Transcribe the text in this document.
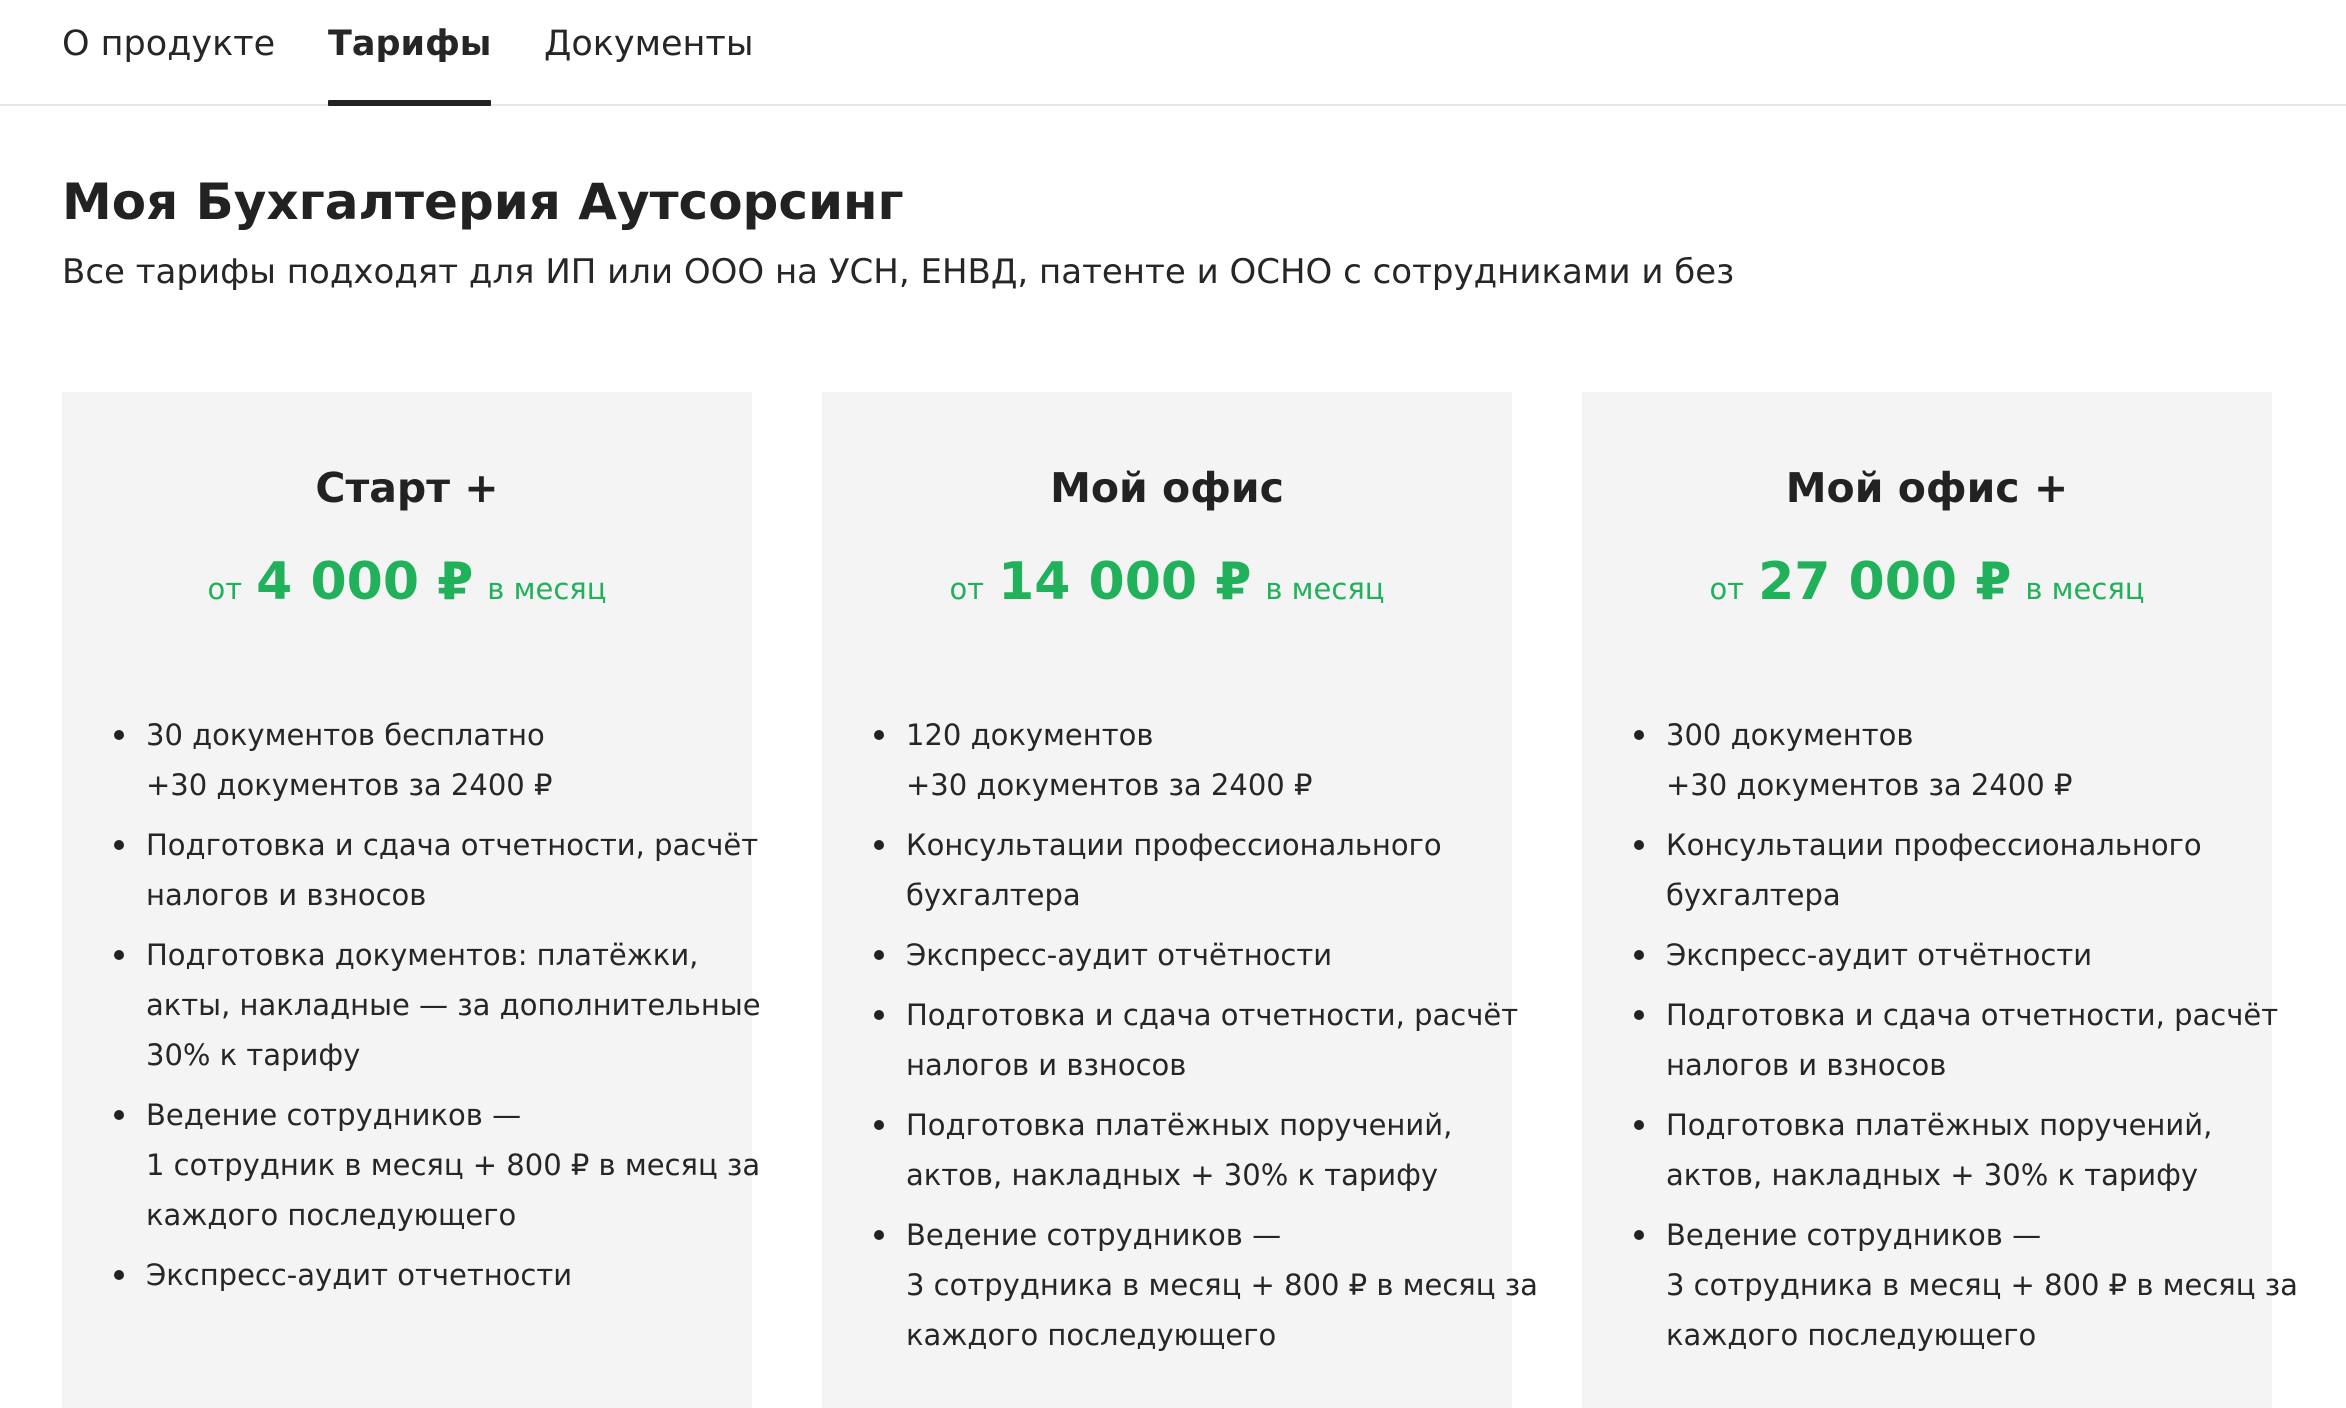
О продукте Тарифы Документы
Моя Бухгалтерия Аутсорсинг
Все тарифы подходят для ИП или ООО на УСН, ЕНВД, патенте и ОСНО с сотрудниками и без
Старт +
от 4 000 ₽ в месяц
30 документов бесплатно
+30 документов за 2400 ₽
Подготовка и сдача отчетности, расчёт
налогов и взносов
Подготовка документов: платёжки,
акты, накладные — за дополнительные
30% к тарифу
Ведение сотрудников —
1 сотрудник в месяц + 800 ₽ в месяц за
каждого последующего
Экспресс-аудит отчетности
Мой офис
от 14 000 ₽ в месяц
120 документов
+30 документов за 2400 ₽
Консультации профессионального
бухгалтера
Экспресс-аудит отчётности
Подготовка и сдача отчетности, расчёт
налогов и взносов
Подготовка платёжных поручений,
актов, накладных + 30% к тарифу
Ведение сотрудников —
3 сотрудника в месяц + 800 ₽ в месяц за
каждого последующего
Мой офис +
от 27 000 ₽ в месяц
300 документов
+30 документов за 2400 ₽
Консультации профессионального
бухгалтера
Экспресс-аудит отчётности
Подготовка и сдача отчетности, расчёт
налогов и взносов
Подготовка платёжных поручений,
актов, накладных + 30% к тарифу
Ведение сотрудников —
3 сотрудника в месяц + 800 ₽ в месяц за
каждого последующего
